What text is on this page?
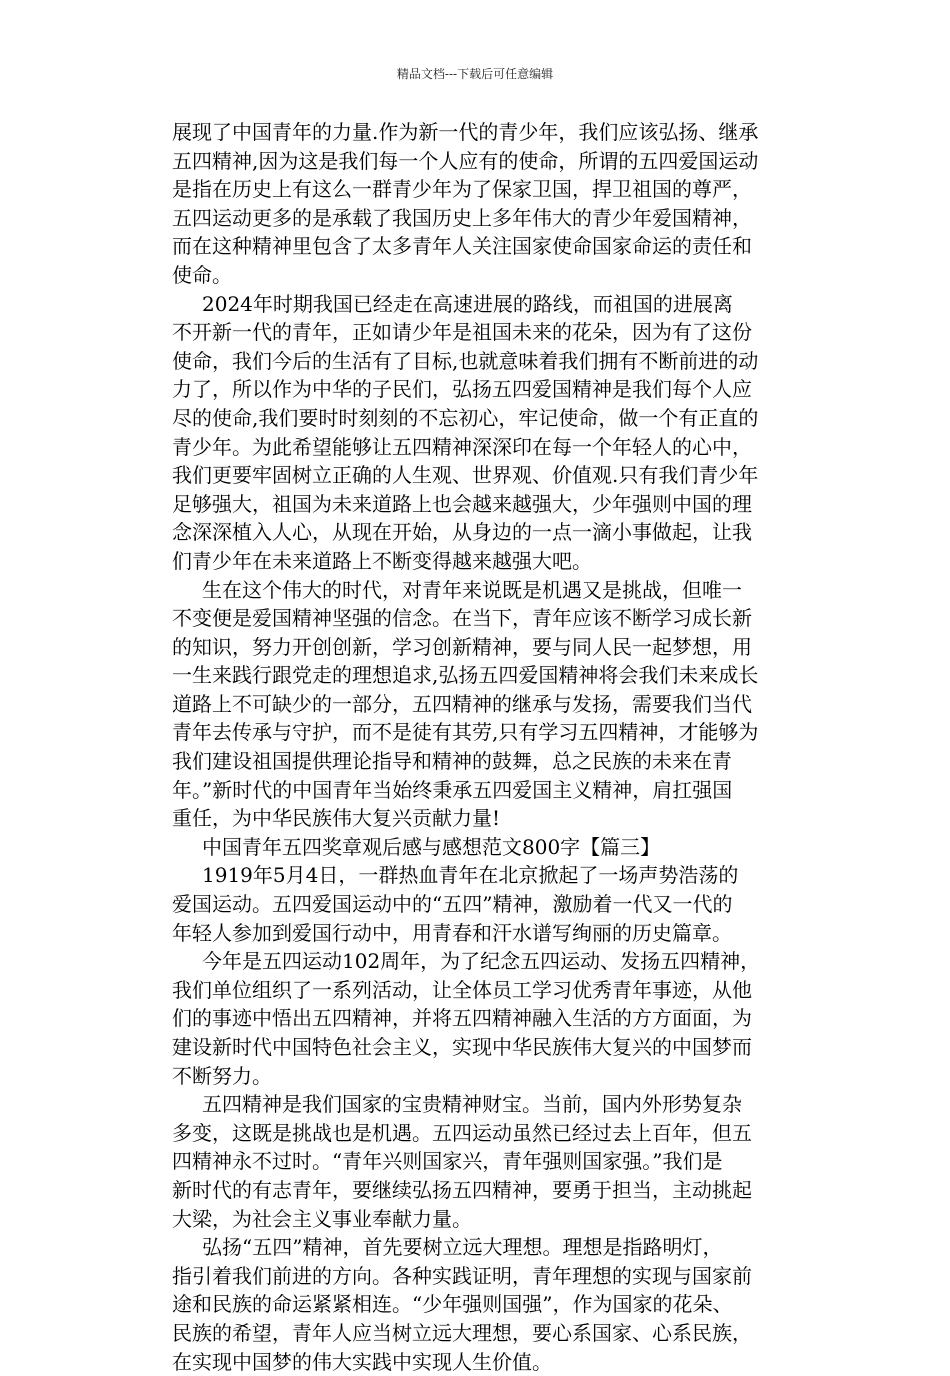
精品文档---下载后可任意编辑
展现了中国青年的力量.作为新一代的青少年，我们应该弘扬、继承
五四精神,因为这是我们每一个人应有的使命，所谓的五四爱国运动
是指在历史上有这么一群青少年为了保家卫国，捍卫祖国的尊严，
五四运动更多的是承载了我国历史上多年伟大的青少年爱国精神，
而在这种精神里包含了太多青年人关注国家使命国家命运的责任和
使命。
2024年时期我国已经走在高速进展的路线，而祖国的进展离
不开新一代的青年，正如请少年是祖国未来的花朵，因为有了这份
使命，我们今后的生活有了目标,也就意味着我们拥有不断前进的动
力了，所以作为中华的子民们，弘扬五四爱国精神是我们每个人应
尽的使命,我们要时时刻刻的不忘初心，牢记使命，做一个有正直的
青少年。为此希望能够让五四精神深深印在每一个年轻人的心中，
我们更要牢固树立正确的人生观、世界观、价值观.只有我们青少年
足够强大，祖国为未来道路上也会越来越强大，少年强则中国的理
念深深植入人心，从现在开始，从身边的一点一滴小事做起，让我
们青少年在未来道路上不断变得越来越强大吧。
生在这个伟大的时代，对青年来说既是机遇又是挑战，但唯一
不变便是爱国精神坚强的信念。在当下，青年应该不断学习成长新
的知识，努力开创创新，学习创新精神，要与同人民一起梦想，用
一生来践行跟党走的理想追求,弘扬五四爱国精神将会我们未来成长
道路上不可缺少的一部分，五四精神的继承与发扬，需要我们当代
青年去传承与守护，而不是徒有其劳,只有学习五四精神，才能够为
我们建设祖国提供理论指导和精神的鼓舞，总之民族的未来在青
年。”新时代的中国青年当始终秉承五四爱国主义精神，肩扛强国
重任，为中华民族伟大复兴贡献力量!
中国青年五四奖章观后感与感想范文800字【篇三】
1919年5月4日，一群热血青年在北京掀起了一场声势浩荡的
爱国运动。五四爱国运动中的“五四”精神，激励着一代又一代的
年轻人参加到爱国行动中，用青春和汗水谱写绚丽的历史篇章。
今年是五四运动102周年，为了纪念五四运动、发扬五四精神，
我们单位组织了一系列活动，让全体员工学习优秀青年事迹，从他
们的事迹中悟出五四精神，并将五四精神融入生活的方方面面，为
建设新时代中国特色社会主义，实现中华民族伟大复兴的中国梦而
不断努力。
五四精神是我们国家的宝贵精神财宝。当前，国内外形势复杂
多变，这既是挑战也是机遇。五四运动虽然已经过去上百年，但五
四精神永不过时。“青年兴则国家兴，青年强则国家强。”我们是
新时代的有志青年，要继续弘扬五四精神，要勇于担当，主动挑起
大梁，为社会主义事业奉献力量。
弘扬“五四”精神，首先要树立远大理想。理想是指路明灯，
指引着我们前进的方向。各种实践证明，青年理想的实现与国家前
途和民族的命运紧紧相连。“少年强则国强”，作为国家的花朵、
民族的希望，青年人应当树立远大理想，要心系国家、心系民族，
在实现中国梦的伟大实践中实现人生价值。
